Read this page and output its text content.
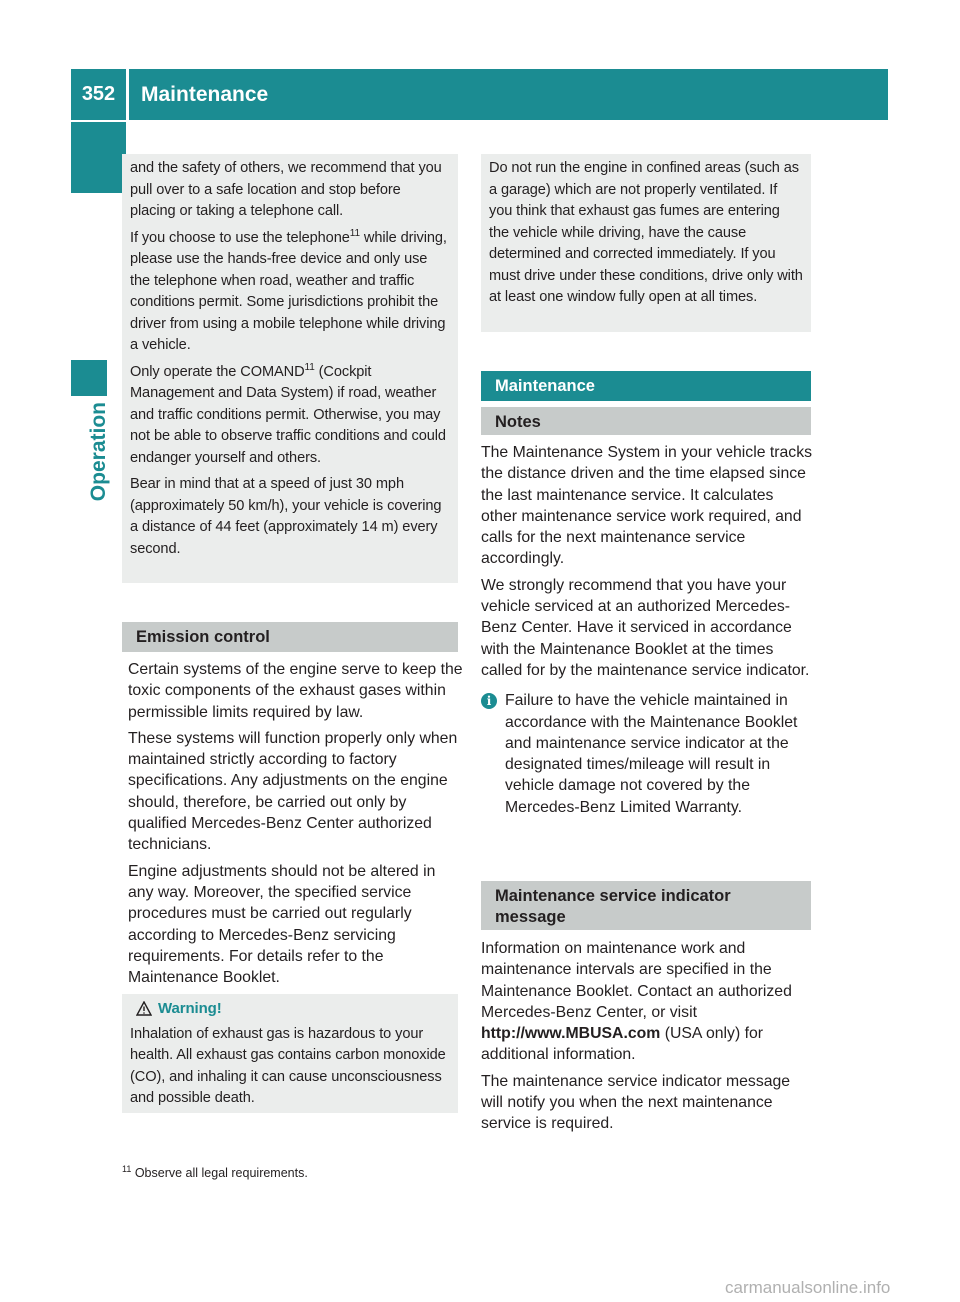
352	Maintenance
Operation

and the safety of others, we recommend that you pull over to a safe location and stop before placing or taking a telephone call.

If you choose to use the telephone$^{11}$ while driving, please use the hands-free device and only use the telephone when road, weather and traffic conditions permit. Some jurisdictions prohibit the driver from using a mobile telephone while driving a vehicle.

Only operate the COMAND$^{11}$ (Cockpit Management and Data System) if road, weather and traffic conditions permit. Otherwise, you may not be able to observe traffic conditions and could endanger yourself and others.

Bear in mind that at a speed of just 30 mph (approximately 50 km/h), your vehicle is covering a distance of 44 feet (approximately 14 m) every second.

Emission control

Certain systems of the engine serve to keep the toxic components of the exhaust gases within permissible limits required by law.

These systems will function properly only when maintained strictly according to factory specifications. Any adjustments on the engine should, therefore, be carried out only by qualified Mercedes-Benz Center authorized technicians.

Engine adjustments should not be altered in any way. Moreover, the specified service procedures must be carried out regularly according to Mercedes-Benz servicing requirements. For details refer to the Maintenance Booklet.

Warning!

Inhalation of exhaust gas is hazardous to your health. All exhaust gas contains carbon monoxide (CO), and inhaling it can cause unconsciousness and possible death.

Do not run the engine in confined areas (such as a garage) which are not properly ventilated. If you think that exhaust gas fumes are entering the vehicle while driving, have the cause determined and corrected immediately. If you must drive under these conditions, drive only with at least one window fully open at all times.

Maintenance
Notes

The Maintenance System in your vehicle tracks the distance driven and the time elapsed since the last maintenance service. It calculates other maintenance service work required, and calls for the next maintenance service accordingly.

We strongly recommend that you have your vehicle serviced at an authorized Mercedes-Benz Center. Have it serviced in accordance with the Maintenance Booklet at the times called for by the maintenance service indicator.

i Failure to have the vehicle maintained in accordance with the Maintenance Booklet and maintenance service indicator at the designated times/mileage will result in vehicle damage not covered by the Mercedes-Benz Limited Warranty.
Maintenance service indicator message

Information on maintenance work and maintenance intervals are specified in the Maintenance Booklet. Contact an authorized Mercedes-Benz Center, or visit http://www.MBUSA.com (USA only) for additional information.

The maintenance service indicator message will notify you when the next maintenance service is required.

$^{11}$ Observe all legal requirements.
carmanualsonline.info
